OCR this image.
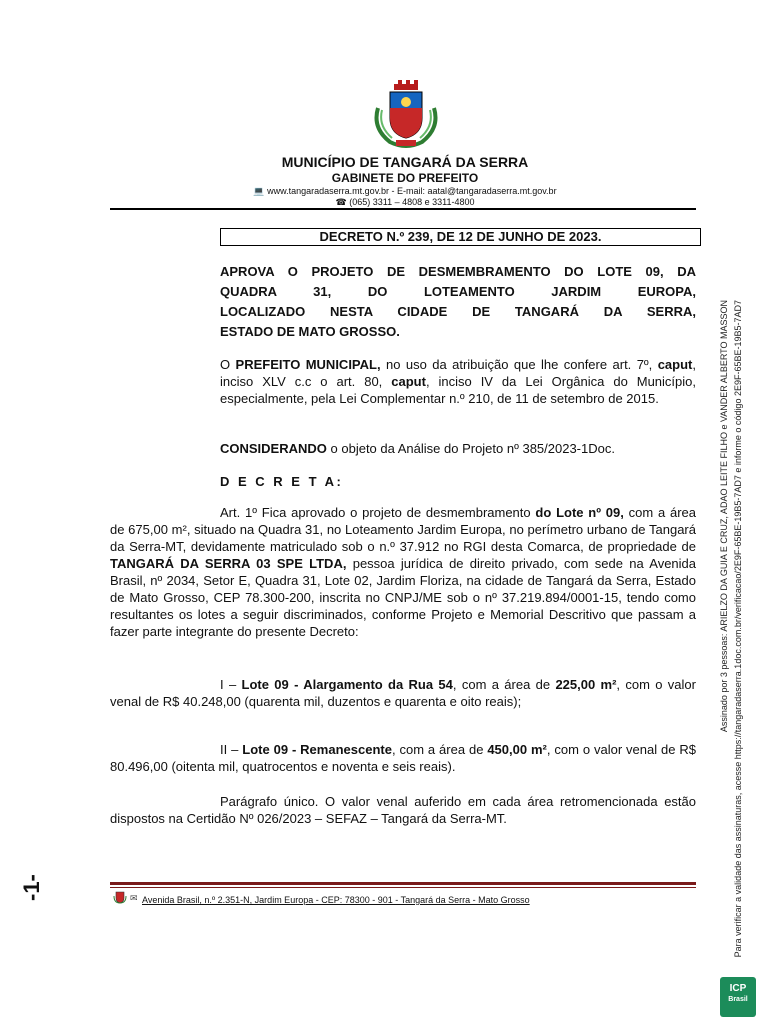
MUNICÍPIO DE TANGARÁ DA SERRA
GABINETE DO PREFEITO
💻 www.tangaradaserra.mt.gov.br - E-mail: aatal@tangaradaserra.mt.gov.br
☎ (065) 3311 – 4808 e 3311-4800
DECRETO N.º 239, DE 12 DE JUNHO DE 2023.
APROVA O PROJETO DE DESMEMBRAMENTO DO LOTE 09, DA
QUADRA 31, DO LOTEAMENTO JARDIM EUROPA,
LOCALIZADO NESTA CIDADE DE TANGARÁ DA SERRA,
ESTADO DE MATO GROSSO.
O PREFEITO MUNICIPAL, no uso da atribuição que lhe confere art. 7º, caput, inciso XLV c.c o art. 80, caput, inciso IV da Lei Orgânica do Município, especialmente, pela Lei Complementar n.º 210, de 11 de setembro de 2015.
CONSIDERANDO o objeto da Análise do Projeto nº 385/2023-1Doc.
D E C R E T A:
Art. 1º Fica aprovado o projeto de desmembramento do Lote nº 09, com a área de 675,00 m², situado na Quadra 31, no Loteamento Jardim Europa, no perímetro urbano de Tangará da Serra-MT, devidamente matriculado sob o n.º 37.912 no RGI desta Comarca, de propriedade de TANGARÁ DA SERRA 03 SPE LTDA, pessoa jurídica de direito privado, com sede na Avenida Brasil, nº 2034, Setor E, Quadra 31, Lote 02, Jardim Floriza, na cidade de Tangará da Serra, Estado de Mato Grosso, CEP 78.300-200, inscrita no CNPJ/ME sob o nº 37.219.894/0001-15, tendo como resultantes os lotes a seguir discriminados, conforme Projeto e Memorial Descritivo que passam a fazer parte integrante do presente Decreto:
I – Lote 09 - Alargamento da Rua 54, com a área de 225,00 m², com o valor venal de R$ 40.248,00 (quarenta mil, duzentos e quarenta e oito reais);
II – Lote 09 - Remanescente, com a área de 450,00 m², com o valor venal de R$ 80.496,00 (oitenta mil, quatrocentos e noventa e seis reais).
Parágrafo único. O valor venal auferido em cada área retromencionada estão dispostos na Certidão Nº 026/2023 – SEFAZ – Tangará da Serra-MT.
-1-	✉ Avenida Brasil, n.º 2.351-N, Jardim Europa - CEP: 78300 - 901 - Tangará da Serra - Mato Grosso
Assinado por 3 pessoas: ARIELZO DA GUIA E CRUZ, ADAO LEITE FILHO e VANDER ALBERTO MASSON Para verificar a validade das assinaturas, acesse https://tangaradaserra.1doc.com.br/verificacao/2E9F-65BE-19B5-7AD7 e informe o código 2E9F-65BE-19B5-7AD7
ICP
Brasil
